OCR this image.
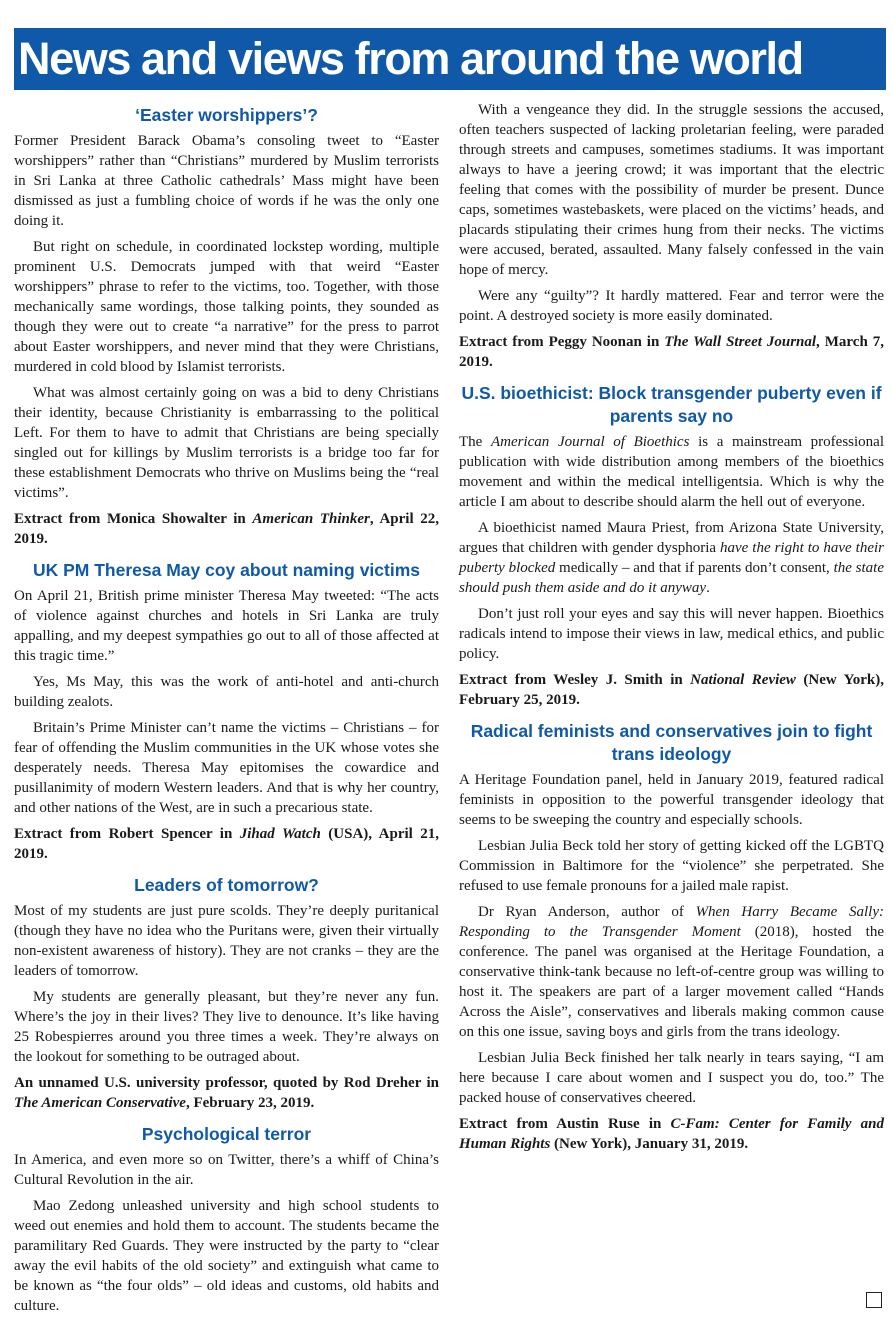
News and views from around the world
‘Easter worshippers’?

Former President Barack Obama’s consoling tweet to “Easter worshippers” rather than “Christians” murdered by Muslim terrorists in Sri Lanka at three Catholic cathedrals’ Mass might have been dismissed as just a fumbling choice of words if he was the only one doing it.

But right on schedule, in coordinated lockstep wording, multiple prominent U.S. Democrats jumped with that weird “Easter worshippers” phrase to refer to the victims, too. Together, with those mechanically same wordings, those talking points, they sounded as though they were out to create “a narrative” for the press to parrot about Easter worshippers, and never mind that they were Christians, murdered in cold blood by Islamist terrorists.

What was almost certainly going on was a bid to deny Christians their identity, because Christianity is embarrassing to the political Left. For them to have to admit that Christians are being specially singled out for killings by Muslim terrorists is a bridge too far for these establishment Democrats who thrive on Muslims being the “real victims”.

Extract from Monica Showalter in American Thinker, April 22, 2019.

UK PM Theresa May coy about naming victims

On April 21, British prime minister Theresa May tweeted: “The acts of violence against churches and hotels in Sri Lanka are truly appalling, and my deepest sympathies go out to all of those affected at this tragic time.”

Yes, Ms May, this was the work of anti-hotel and anti-church building zealots.

Britain’s Prime Minister can’t name the victims – Christians – for fear of offending the Muslim communities in the UK whose votes she desperately needs. Theresa May epitomises the cowardice and pusillanimity of modern Western leaders. And that is why her country, and other nations of the West, are in such a precarious state.

Extract from Robert Spencer in Jihad Watch (USA), April 21, 2019.

Leaders of tomorrow?

Most of my students are just pure scolds. They’re deeply puritanical (though they have no idea who the Puritans were, given their virtually non-existent awareness of history). They are not cranks – they are the leaders of tomorrow.

My students are generally pleasant, but they’re never any fun. Where’s the joy in their lives? They live to denounce. It’s like having 25 Robespierres around you three times a week. They’re always on the lookout for something to be outraged about.

An unnamed U.S. university professor, quoted by Rod Dreher in The American Conservative, February 23, 2019.

Psychological terror

In America, and even more so on Twitter, there’s a whiff of China’s Cultural Revolution in the air.

Mao Zedong unleashed university and high school students to weed out enemies and hold them to account. The students became the paramilitary Red Guards. They were instructed by the party to “clear away the evil habits of the old society” and extinguish what came to be known as “the four olds” – old ideas and customs, old habits and culture.

With a vengeance they did. In the struggle sessions the accused, often teachers suspected of lacking proletarian feeling, were paraded through streets and campuses, sometimes stadiums. It was important always to have a jeering crowd; it was important that the electric feeling that comes with the possibility of murder be present. Dunce caps, sometimes wastebaskets, were placed on the victims’ heads, and placards stipulating their crimes hung from their necks. The victims were accused, berated, assaulted. Many falsely confessed in the vain hope of mercy.

Were any “guilty”? It hardly mattered. Fear and terror were the point. A destroyed society is more easily dominated.

Extract from Peggy Noonan in The Wall Street Journal, March 7, 2019.

U.S. bioethicist: Block transgender puberty even if parents say no

The American Journal of Bioethics is a mainstream professional publication with wide distribution among members of the bioethics movement and within the medical intelligentsia. Which is why the article I am about to describe should alarm the hell out of everyone.

A bioethicist named Maura Priest, from Arizona State University, argues that children with gender dysphoria have the right to have their puberty blocked medically – and that if parents don’t consent, the state should push them aside and do it anyway.

Don’t just roll your eyes and say this will never happen. Bioethics radicals intend to impose their views in law, medical ethics, and public policy.

Extract from Wesley J. Smith in National Review (New York), February 25, 2019.

Radical feminists and conservatives join to fight trans ideology

A Heritage Foundation panel, held in January 2019, featured radical feminists in opposition to the powerful transgender ideology that seems to be sweeping the country and especially schools.

Lesbian Julia Beck told her story of getting kicked off the LGBTQ Commission in Baltimore for the “violence” she perpetrated. She refused to use female pronouns for a jailed male rapist.

Dr Ryan Anderson, author of When Harry Became Sally: Responding to the Transgender Moment (2018), hosted the conference. The panel was organised at the Heritage Foundation, a conservative think-tank because no left-of-centre group was willing to host it. The speakers are part of a larger movement called “Hands Across the Aisle”, conservatives and liberals making common cause on this one issue, saving boys and girls from the trans ideology.

Lesbian Julia Beck finished her talk nearly in tears saying, “I am here because I care about women and I suspect you do, too.” The packed house of conservatives cheered.

Extract from Austin Ruse in C-Fam: Center for Family and Human Rights (New York), January 31, 2019.
